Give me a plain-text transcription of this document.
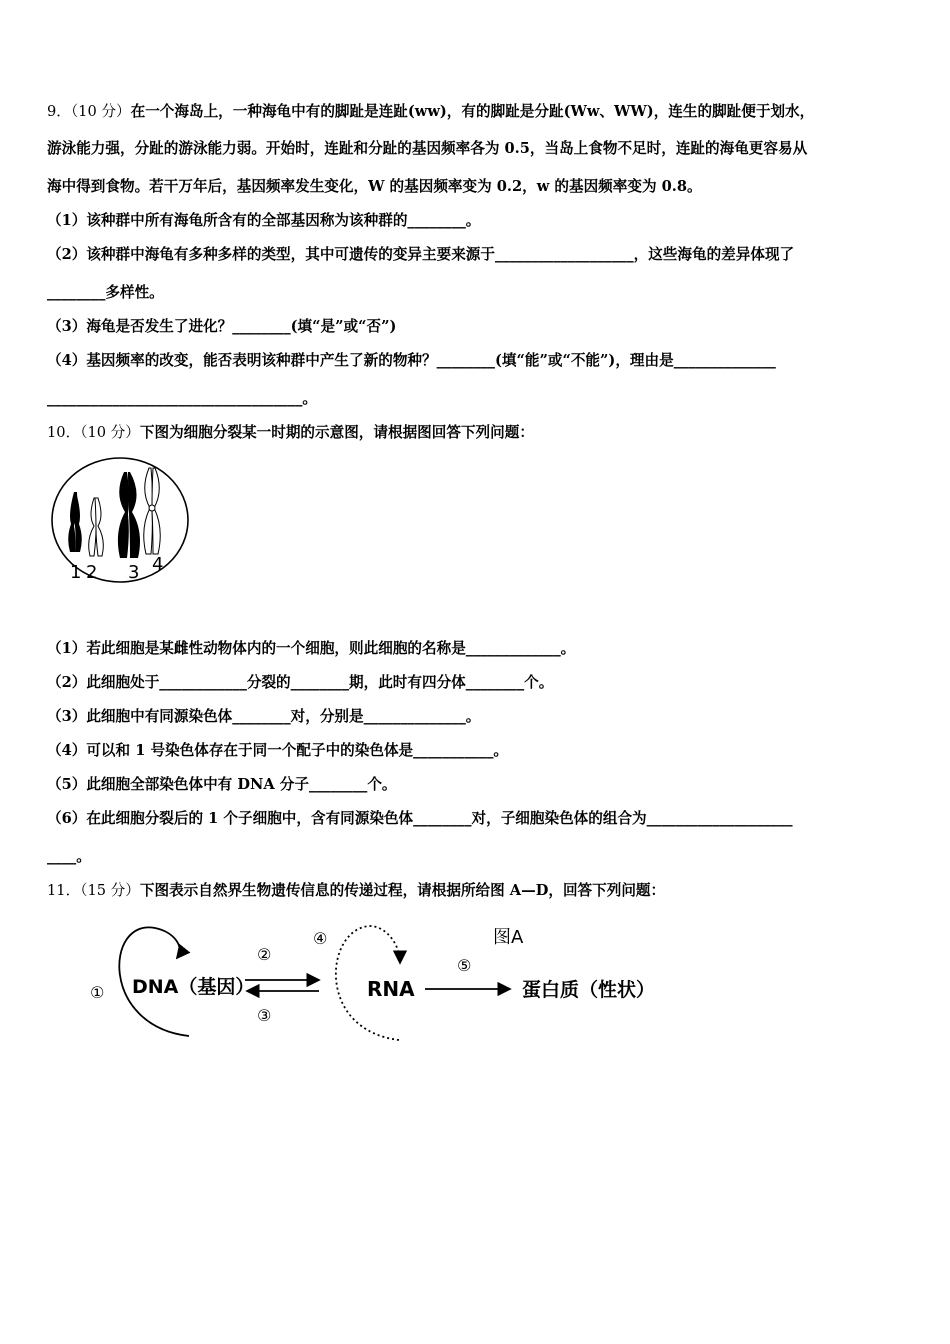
9．（10 分）在一个海岛上，一种海龟中有的脚趾是连趾(ww)，有的脚趾是分趾(Ww、WW)，连生的脚趾便于划水，
游泳能力强，分趾的游泳能力弱。开始时，连趾和分趾的基因频率各为 0.5，当岛上食物不足时，连趾的海龟更容易从
海中得到食物。若干万年后，基因频率发生变化，W 的基因频率变为 0.2，w 的基因频率变为 0.8。
（1）该种群中所有海龟所含有的全部基因称为该种群的________。
（2）该种群中海龟有多种多样的类型，其中可遗传的变异主要来源于___________________，这些海龟的差异体现了
________多样性。
（3）海龟是否发生了进化？________(填“是”或“否”)
（4）基因频率的改变，能否表明该种群中产生了新的物种？________(填“能”或“不能”)，理由是______________
___________________________________。
10．（10 分）下图为细胞分裂某一时期的示意图，请根据图回答下列问题：
1 2 3 4
（1）若此细胞是某雌性动物体内的一个细胞，则此细胞的名称是_____________。
（2）此细胞处于____________分裂的________期，此时有四分体________个。
（3）此细胞中有同源染色体________对，分别是______________。
（4）可以和 1 号染色体存在于同一个配子中的染色体是___________。
（5）此细胞全部染色体中有 DNA 分子________个。
（6）在此细胞分裂后的 1 个子细胞中，含有同源染色体________对，子细胞染色体的组合为____________________
____。
11．（15 分）下图表示自然界生物遗传信息的传递过程，请根据所给图 A—D，回答下列问题：
① DNA（基因）
②
③
④
RNA
⑤
蛋白质（性状）
图A
